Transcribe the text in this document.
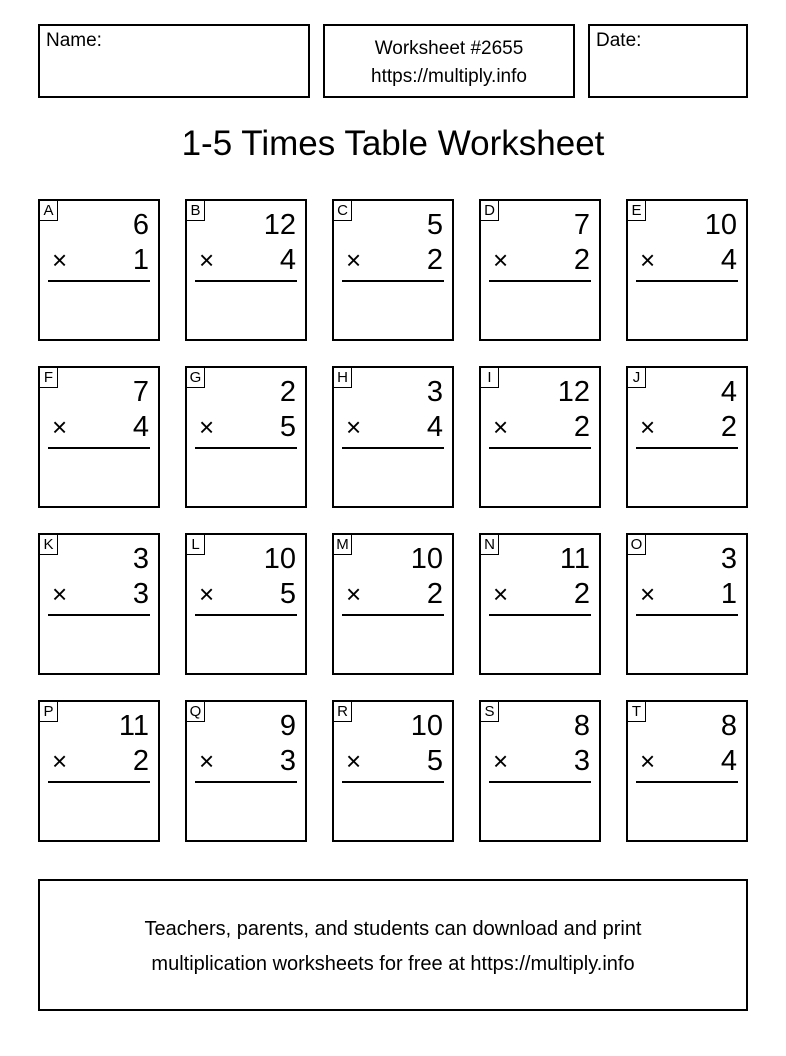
Name:	Worksheet #2655
https://multiply.info
Date:
1-5 Times Table Worksheet
A	6
× 1
B 12
× 4
C	5
× 2
D	7
× 2
E 10
× 4
F	7
× 4
G	2
× 5
H	3
× 4
I 12
× 2
J	4
× 2
K	3
× 3
L 10
× 5
M 10
× 2
N 11
× 2
O	3
× 1
P 11
× 2
Q	9
× 3
R 10
× 5
S	8
× 3
T	8
× 4
Teachers, parents, and students can download and print
multiplication worksheets for free at https://multiply.info
